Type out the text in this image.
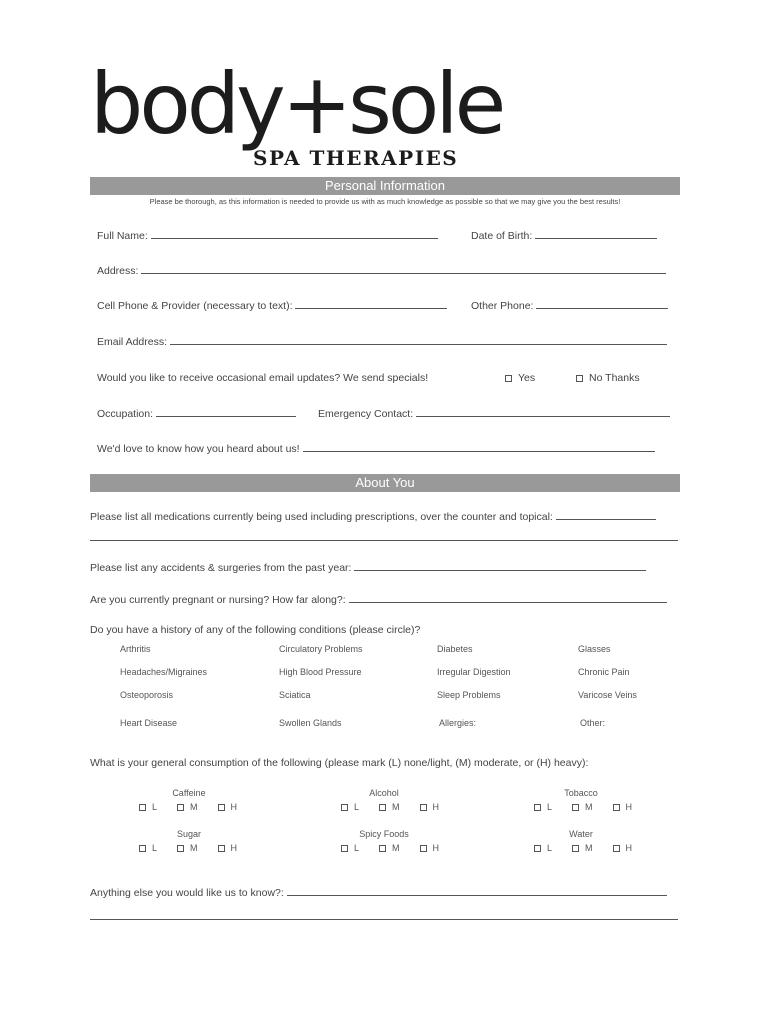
body+sole
SPA THERAPIES
Personal Information
Please be thorough, as this information is needed to provide us with as much knowledge as possible so that we may give you the best results!
Full Name:	Date of Birth:
Address:
Cell Phone & Provider (necessary to text):	Other Phone:
Email Address:
Would you like to receive occasional email updates? We send specials!	Yes	No Thanks
Occupation:	Emergency Contact:
We'd love to know how you heard about us!
About You
Please list all medications currently being used including prescriptions, over the counter and topical:
Please list any accidents & surgeries from the past year:
Are you currently pregnant or nursing? How far along?:
Do you have a history of any of the following conditions (please circle)?
Arthritis	Circulatory Problems	Diabetes	Glasses
Headaches/Migraines	High Blood Pressure	Irregular Digestion	Chronic Pain
Osteoporosis	Sciatica	Sleep Problems	Varicose Veins
Heart Disease	Swollen Glands	Allergies:	Other:
What is your general consumption of the following (please mark (L) none/light, (M) moderate, or (H) heavy):
Caffeine	Alcohol	Tobacco
L	M	H	L	M	H	L	M	H
Sugar	Spicy Foods	Water
L	M	H	L	M	H	L	M	H
Anything else you would like us to know?:
